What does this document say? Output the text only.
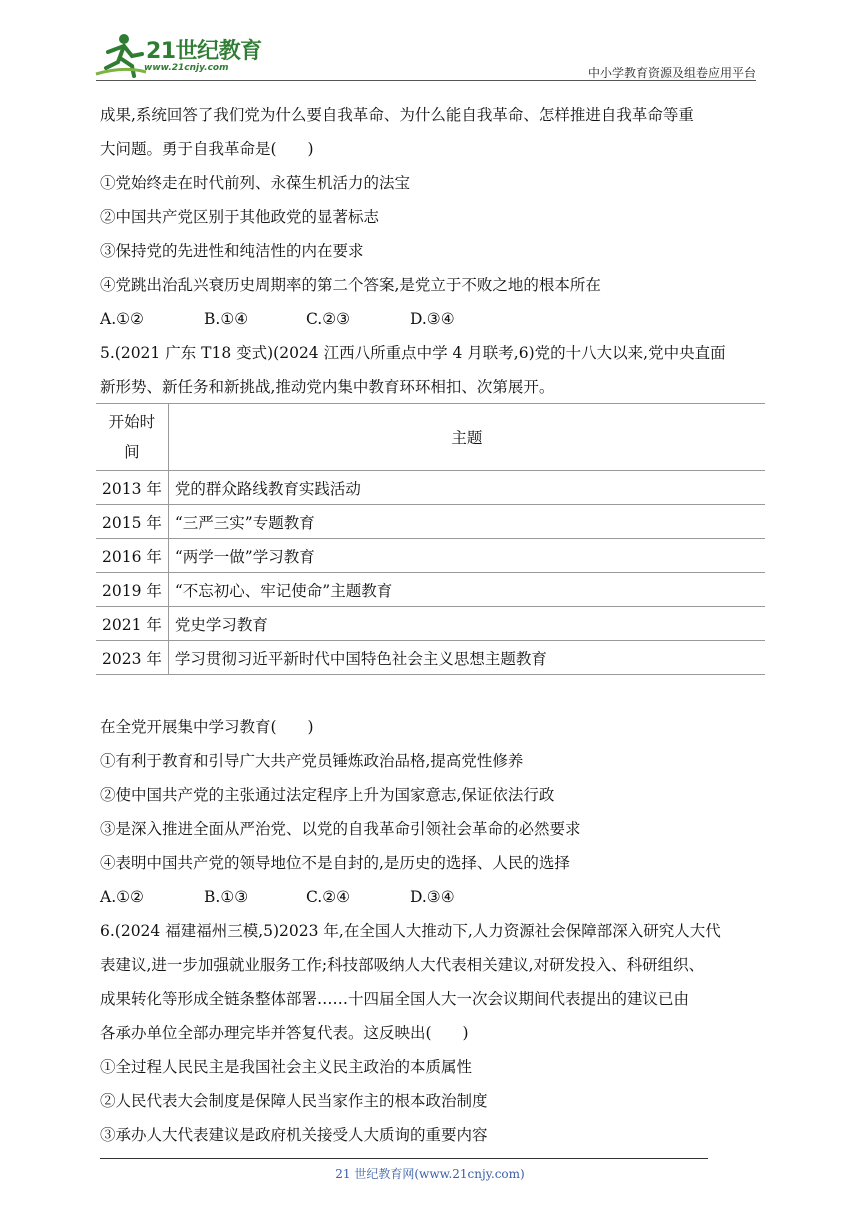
21世纪教育
www.21cnjy.com	中小学教育资源及组卷应用平台
成果,系统回答了我们党为什么要自我革命、为什么能自我革命、怎样推进自我革命等重
大问题。勇于自我革命是(　　)
①党始终走在时代前列、永葆生机活力的法宝
②中国共产党区别于其他政党的显著标志
③保持党的先进性和纯洁性的内在要求
④党跳出治乱兴衰历史周期率的第二个答案,是党立于不败之地的根本所在
A.①②	B.①④	C.②③	D.③④
5.(2021 广东 T18 变式)(2024 江西八所重点中学 4 月联考,6)党的十八大以来,党中央直面
新形势、新任务和新挑战,推动党内集中教育环环相扣、次第展开。
开始时
间	主题
2013 年	党的群众路线教育实践活动
2015 年	“三严三实”专题教育
2016 年	“两学一做”学习教育
2019 年	“不忘初心、牢记使命”主题教育
2021 年	党史学习教育
2023 年	学习贯彻习近平新时代中国特色社会主义思想主题教育
在全党开展集中学习教育(　　)
①有利于教育和引导广大共产党员锤炼政治品格,提高党性修养
②使中国共产党的主张通过法定程序上升为国家意志,保证依法行政
③是深入推进全面从严治党、以党的自我革命引领社会革命的必然要求
④表明中国共产党的领导地位不是自封的,是历史的选择、人民的选择
A.①②	B.①③	C.②④	D.③④
6.(2024 福建福州三模,5)2023 年,在全国人大推动下,人力资源社会保障部深入研究人大代
表建议,进一步加强就业服务工作;科技部吸纳人大代表相关建议,对研发投入、科研组织、
成果转化等形成全链条整体部署……十四届全国人大一次会议期间代表提出的建议已由
各承办单位全部办理完毕并答复代表。这反映出(　　)
①全过程人民民主是我国社会主义民主政治的本质属性
②人民代表大会制度是保障人民当家作主的根本政治制度
③承办人大代表建议是政府机关接受人大质询的重要内容
21 世纪教育网(www.21cnjy.com)
